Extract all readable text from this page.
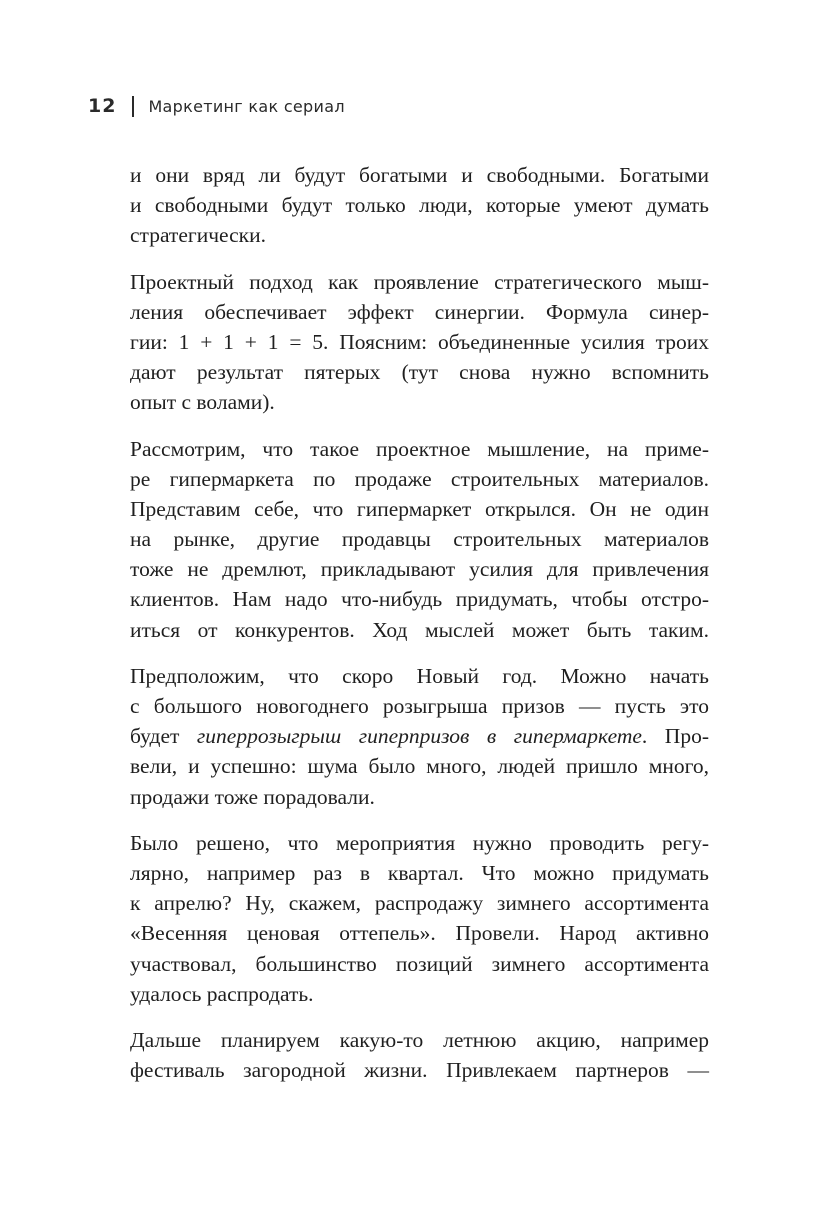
12 Маркетинг как сериал
и они вряд ли будут богатыми и свободными. Богатыми
и свободными будут только люди, которые умеют думать
стратегически.
Проектный подход как проявление стратегического мыш-
ления обеспечивает эффект синергии. Формула синер-
гии: 1 + 1 + 1 = 5. Поясним: объединенные усилия троих
дают результат пятерых (тут снова нужно вспомнить
опыт с волами).
Рассмотрим, что такое проектное мышление, на приме-
ре гипермаркета по продаже строительных материалов.
Представим себе, что гипермаркет открылся. Он не один
на рынке, другие продавцы строительных материалов
тоже не дремлют, прикладывают усилия для привлечения
клиентов. Нам надо что-нибудь придумать, чтобы отстро-
иться от конкурентов. Ход мыслей может быть таким.
Предположим, что скоро Новый год. Можно начать
с большого новогоднего розыгрыша призов — пусть это
будет гиперрозыгрыш гиперпризов в гипермаркете. Про-
вели, и успешно: шума было много, людей пришло много,
продажи тоже порадовали.
Было решено, что мероприятия нужно проводить регу-
лярно, например раз в квартал. Что можно придумать
к апрелю? Ну, скажем, распродажу зимнего ассортимента
«Весенняя ценовая оттепель». Провели. Народ активно
участвовал, большинство позиций зимнего ассортимента
удалось распродать.
Дальше планируем какую-то летнюю акцию, например
фестиваль загородной жизни. Привлекаем партнеров —
